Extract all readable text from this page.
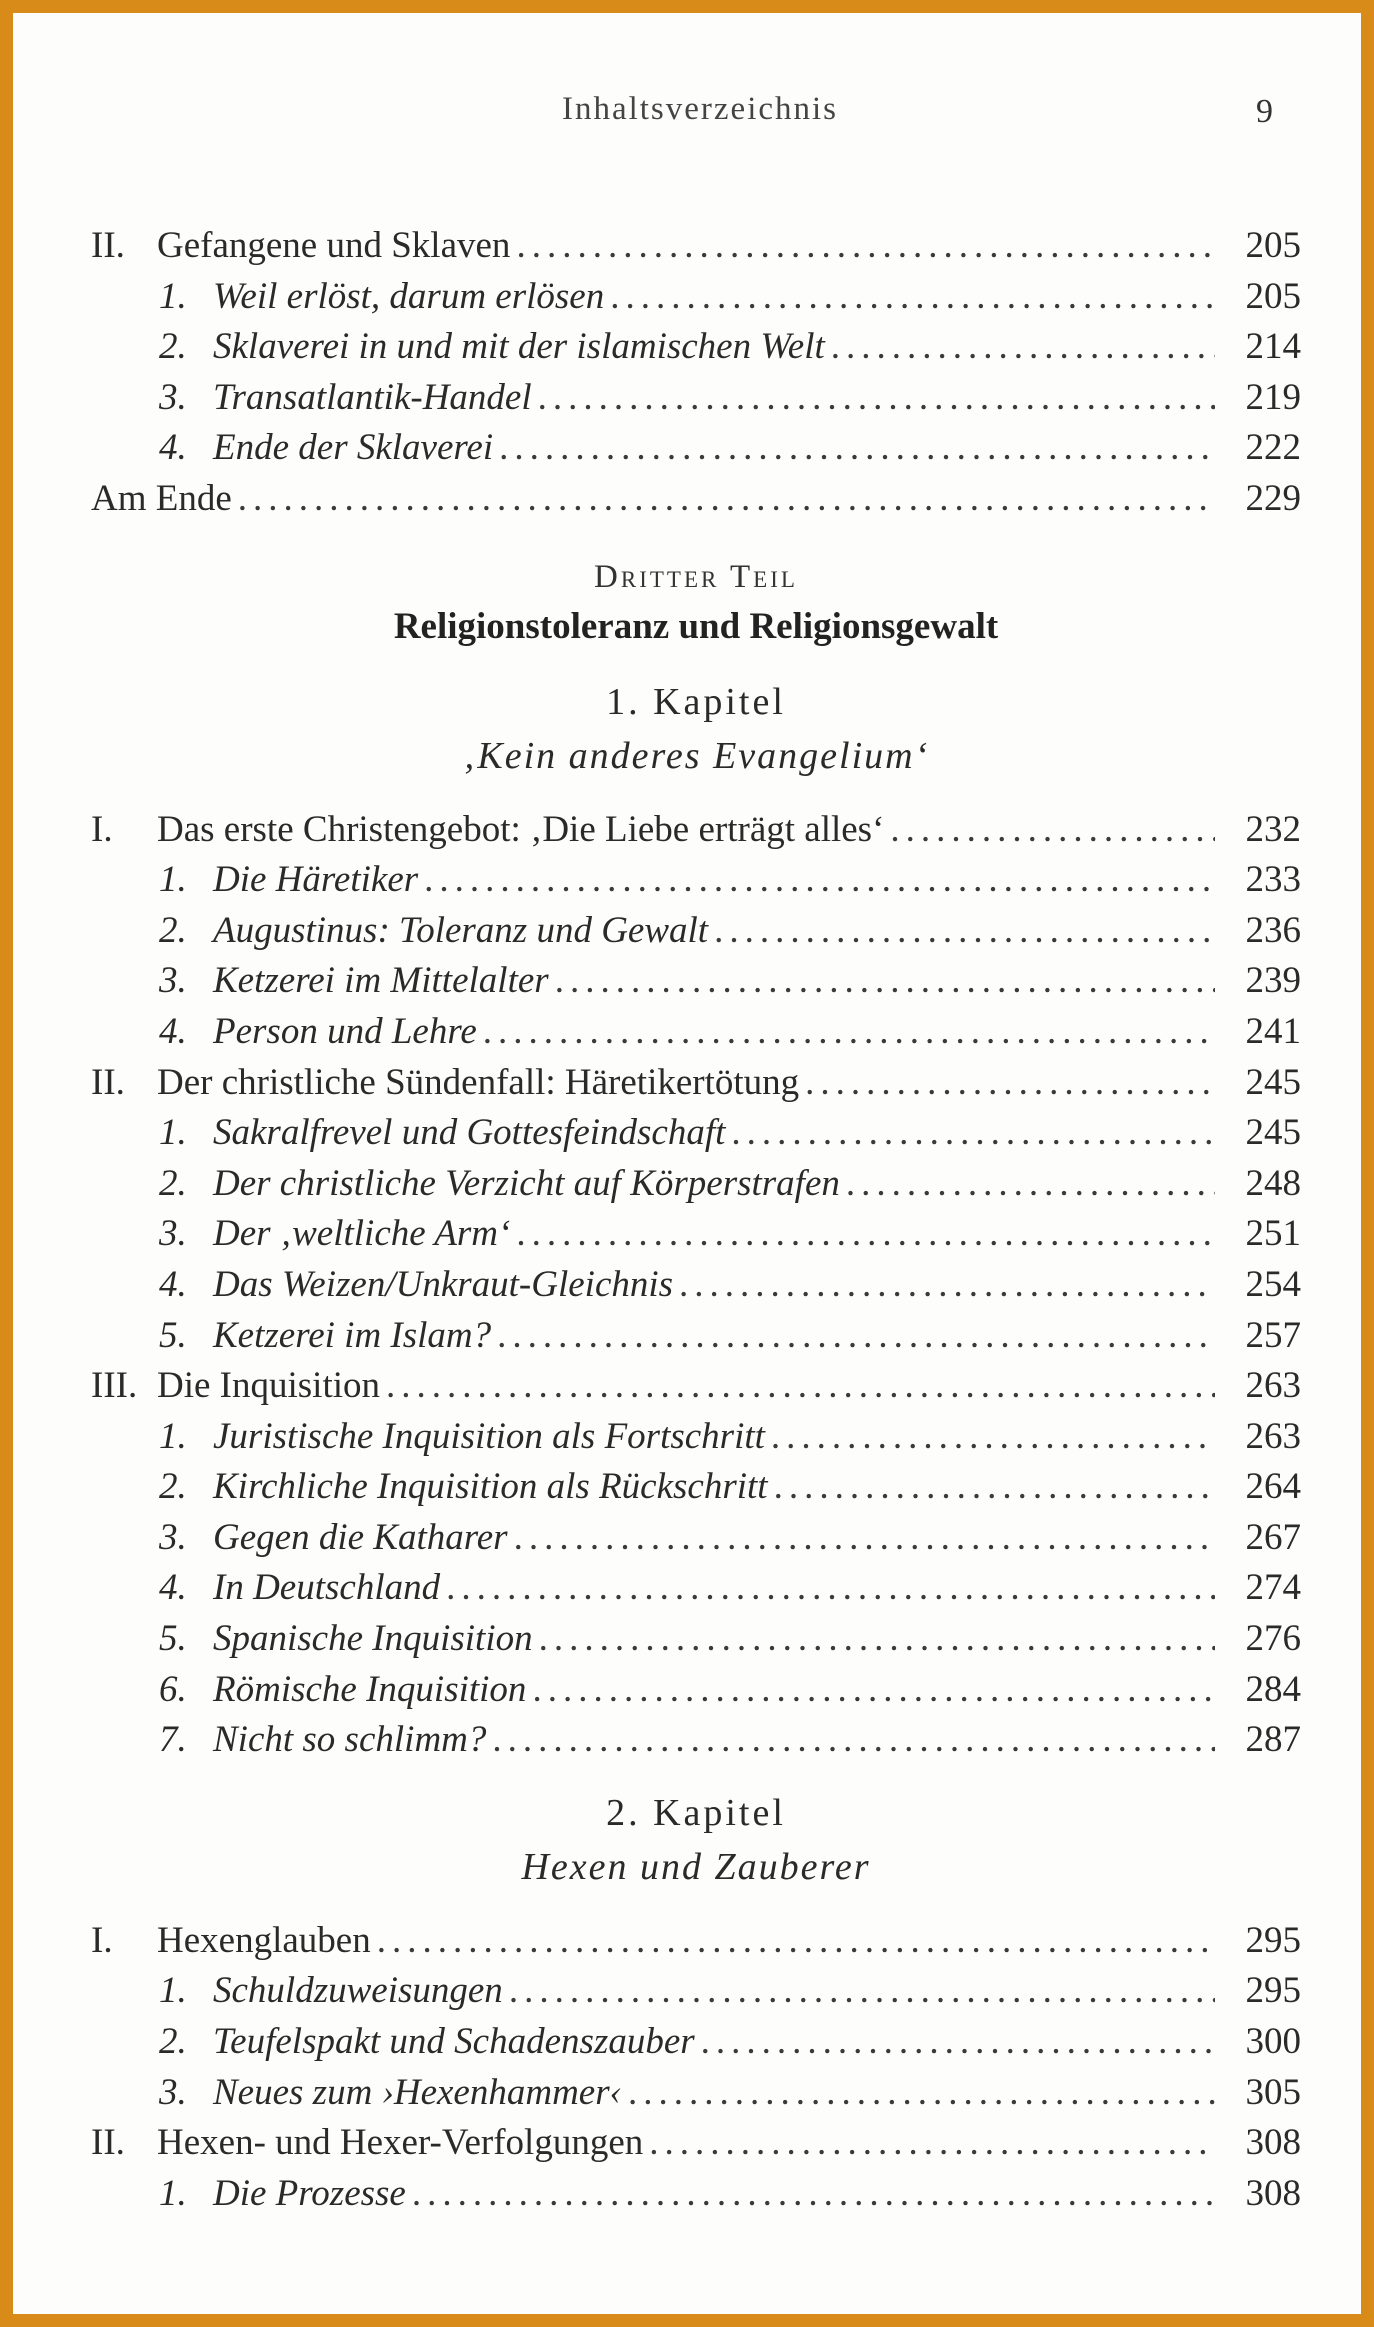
Inhaltsverzeichnis	9
II. Gefangene und Sklaven .....	205
1. Weil erlöst, darum erlösen .....	205
2. Sklaverei in und mit der islamischen Welt .....	214
3. Transatlantik-Handel .....	219
4. Ende der Sklaverei .....	222
Am Ende .....	229
Dritter Teil
Religionstoleranz und Religionsgewalt
1. Kapitel
‚Kein anderes Evangelium‘
I.	Das erste Christengebot: ‚Die Liebe erträgt alles‘ .....	232
1. Die Häretiker .....	233
2. Augustinus: Toleranz und Gewalt .....	236
3. Ketzerei im Mittelalter .....	239
4. Person und Lehre .....	241
II. Der christliche Sündenfall: Häretikertötung .....	245
1. Sakralfrevel und Gottesfeindschaft .....	245
2. Der christliche Verzicht auf Körperstrafen .....	248
3. Der ‚weltliche Arm‘ .....	251
4. Das Weizen/Unkraut-Gleichnis .....	254
5. Ketzerei im Islam? .....	257
III. Die Inquisition .....	263
1. Juristische Inquisition als Fortschritt .....	263
2. Kirchliche Inquisition als Rückschritt .....	264
3. Gegen die Katharer .....	267
4. In Deutschland .....	274
5. Spanische Inquisition .....	276
6. Römische Inquisition .....	284
7. Nicht so schlimm? .....	287
2. Kapitel
Hexen und Zauberer
I.	Hexenglauben .....	295
1. Schuldzuweisungen .....	295
2. Teufelspakt und Schadenszauber .....	300
3. Neues zum ›Hexenhammer‹ .....	305
II. Hexen- und Hexer-Verfolgungen .....	308
1. Die Prozesse .....	308
